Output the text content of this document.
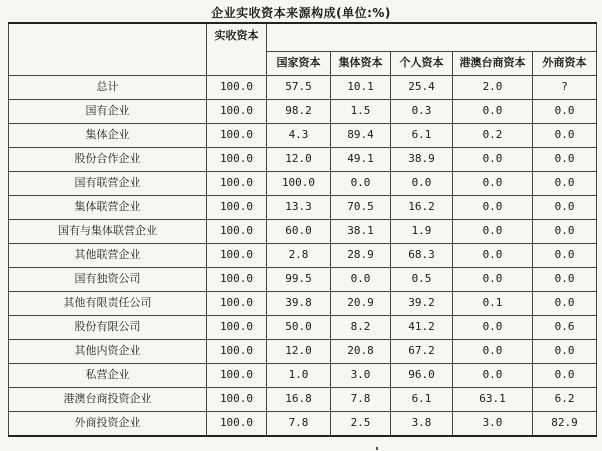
企业实收资本来源构成(单位:%)
	实收资本					
		国家资本	集体资本	个人资本	港澳台商资本	外商资本
总计	100.0	57.5	10.1	25.4	2.0	?
国有企业	100.0	98.2	1.5	0.3	0.0	0.0
集体企业	100.0	4.3	89.4	6.1	0.2	0.0
股份合作企业	100.0	12.0	49.1	38.9	0.0	0.0
国有联营企业	100.0	100.0	0.0	0.0	0.0	0.0
集体联营企业	100.0	13.3	70.5	16.2	0.0	0.0
国有与集体联营企业	100.0	60.0	38.1	1.9	0.0	0.0
其他联营企业	100.0	2.8	28.9	68.3	0.0	0.0
国有独资公司	100.0	99.5	0.0	0.5	0.0	0.0
其他有限责任公司	100.0	39.8	20.9	39.2	0.1	0.0
股份有限公司	100.0	50.0	8.2	41.2	0.0	0.6
其他内资企业	100.0	12.0	20.8	67.2	0.0	0.0
私营企业	100.0	1.0	3.0	96.0	0.0	0.0
港澳台商投资企业	100.0	16.8	7.8	6.1	63.1	6.2
外商投资企业	100.0	7.8	2.5	3.8	3.0	82.9
